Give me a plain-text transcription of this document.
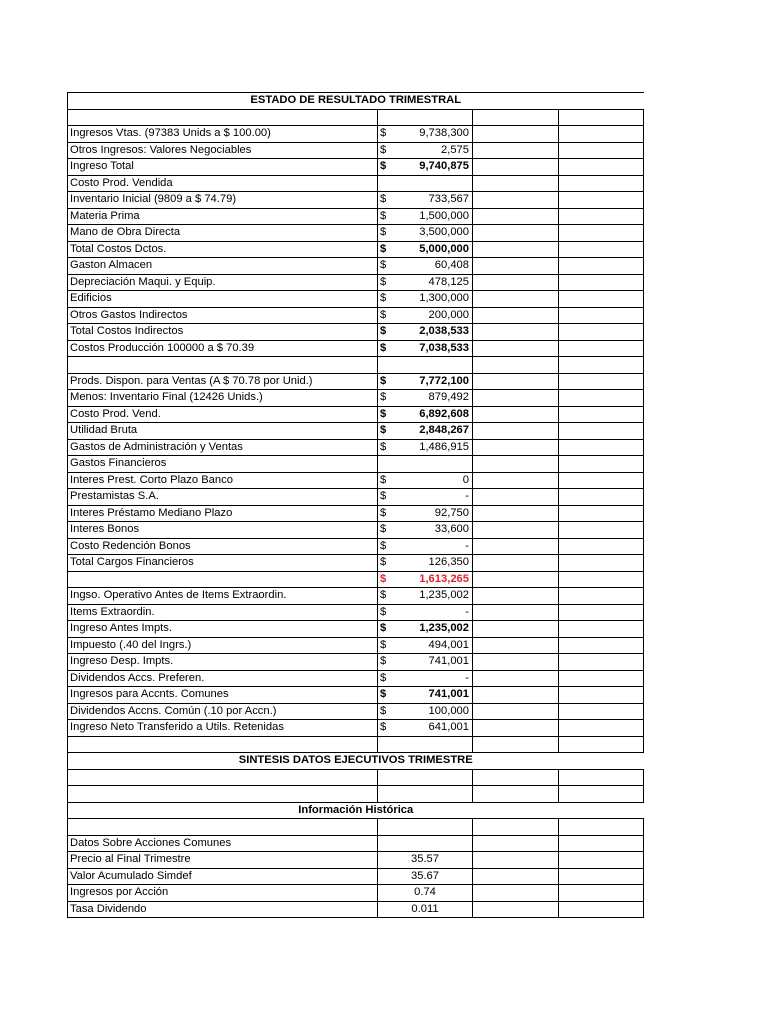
ESTADO DE RESULTADO TRIMESTRAL			

Ingresos Vtas. (97383 Unids a $ 100.00)	$ 9,738,300		

Otros Ingresos: Valores Negociables	$ 2,575		

Ingreso Total	$ 9,740,875		

Costo Prod. Vendida	

Inventario Inicial (9809 a $ 74.79)	$ 733,567		

Materia Prima	$ 1,500,000		

Mano de Obra Directa	$ 3,500,000		

Total Costos Dctos.	$ 5,000,000		

Gaston Almacen	$ 60,408		

Depreciación Maqui. y Equip.	$ 478,125		

Edificios	$ 1,300,000		

Otros Gastos Indirectos	$ 200,000		

Total Costos Indirectos	$ 2,038,533		

Costos Producción 100000 a $ 70.39	$ 7,038,533		

Prods. Dispon. para Ventas (A $ 70.78 por Unid.)	$ 7,772,100		

Menos: Inventario Final (12426 Unids.)	$ 879,492		

Costo Prod. Vend.	$ 6,892,608		

Utilidad Bruta	$ 2,848,267		

Gastos de Administración y Ventas	$ 1,486,915		

Gastos Financieros	

Interes Prest. Corto Plazo Banco	$ 0		

Prestamistas S.A.	$ -		

Interes Préstamo Mediano Plazo	$ 92,750		

Interes Bonos	$ 33,600		

Costo Redención Bonos	$ -		

Total Cargos Financieros	$ 126,350		

	$ 1,613,265		

Ingso. Operativo Antes de Items Extraordin.	$ 1,235,002		

Items Extraordin.	$ -		

Ingreso Antes Impts.	$ 1,235,002		

Impuesto (.40 del Ingrs.)	$ 494,001		

Ingreso Desp. Impts.	$ 741,001		

Dividendos Accs. Preferen.	$ -		

Ingresos para Accnts. Comunes	$ 741,001		

Dividendos Accns. Común (.10 por Accn.)	$ 100,000		

Ingreso Neto Transferido a Utils. Retenidas	$ 641,001		

SINTESIS DATOS EJECUTIVOS TRIMESTRE			

Información Histórica			

Datos Sobre Acciones Comunes			
Precio al Final Trimestre	35.57		
Valor Acumulado Simdef	35.67		
Ingresos por Acción	0.74		
Tasa Dividendo	0.011		
